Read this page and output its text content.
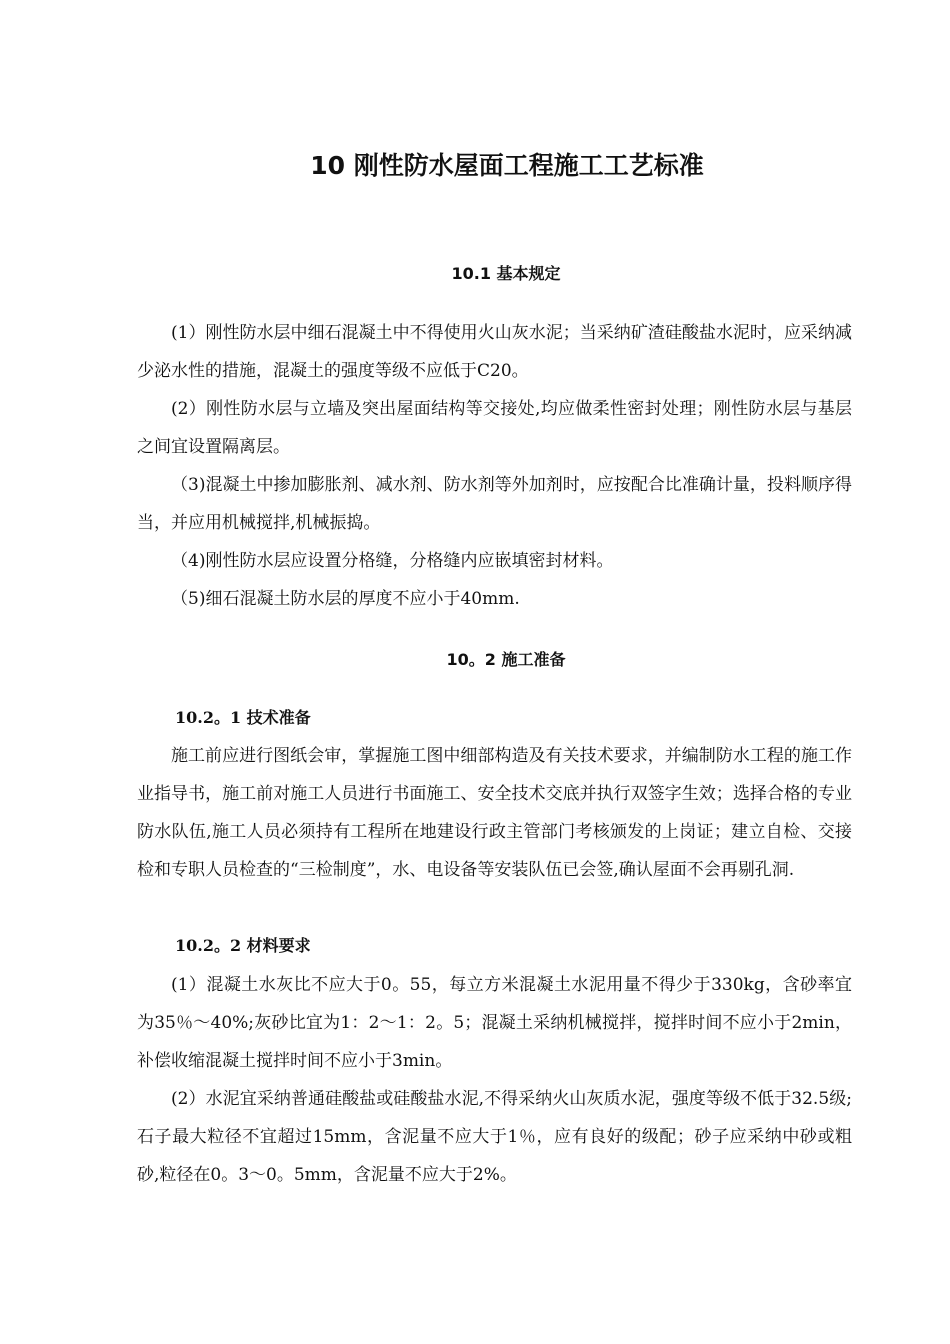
10 刚性防水屋面工程施工工艺标准
10.1 基本规定

(1）刚性防水层中细石混凝土中不得使用火山灰水泥；当采纳矿渣硅酸盐水泥时，应采纳减少泌水性的措施，混凝土的强度等级不应低于C20。

(2）刚性防水层与立墙及突出屋面结构等交接处,均应做柔性密封处理；刚性防水层与基层之间宜设置隔离层。

（3)混凝土中掺加膨胀剂、减水剂、防水剂等外加剂时，应按配合比准确计量，投料顺序得当，并应用机械搅拌,机械振捣。

（4)刚性防水层应设置分格缝，分格缝内应嵌填密封材料。

（5)细石混凝土防水层的厚度不应小于40mm.

10。2 施工准备
10.2。1 技术准备

施工前应进行图纸会审，掌握施工图中细部构造及有关技术要求，并编制防水工程的施工作业指导书，施工前对施工人员进行书面施工、安全技术交底并执行双签字生效；选择合格的专业防水队伍,施工人员必须持有工程所在地建设行政主管部门考核颁发的上岗证；建立自检、交接检和专职人员检查的“三检制度”，水、电设备等安装队伍已会签,确认屋面不会再剔孔洞.

10.2。2 材料要求

(1）混凝土水灰比不应大于0。55，每立方米混凝土水泥用量不得少于330kg，含砂率宜为35％～40%;灰砂比宜为1：2～1：2。5；混凝土采纳机械搅拌，搅拌时间不应小于2min，补偿收缩混凝土搅拌时间不应小于3min。

(2）水泥宜采纳普通硅酸盐或硅酸盐水泥,不得采纳火山灰质水泥，强度等级不低于32.5级;石子最大粒径不宜超过15mm，含泥量不应大于1％，应有良好的级配；砂子应采纳中砂或粗砂,粒径在0。3～0。5mm，含泥量不应大于2%。
